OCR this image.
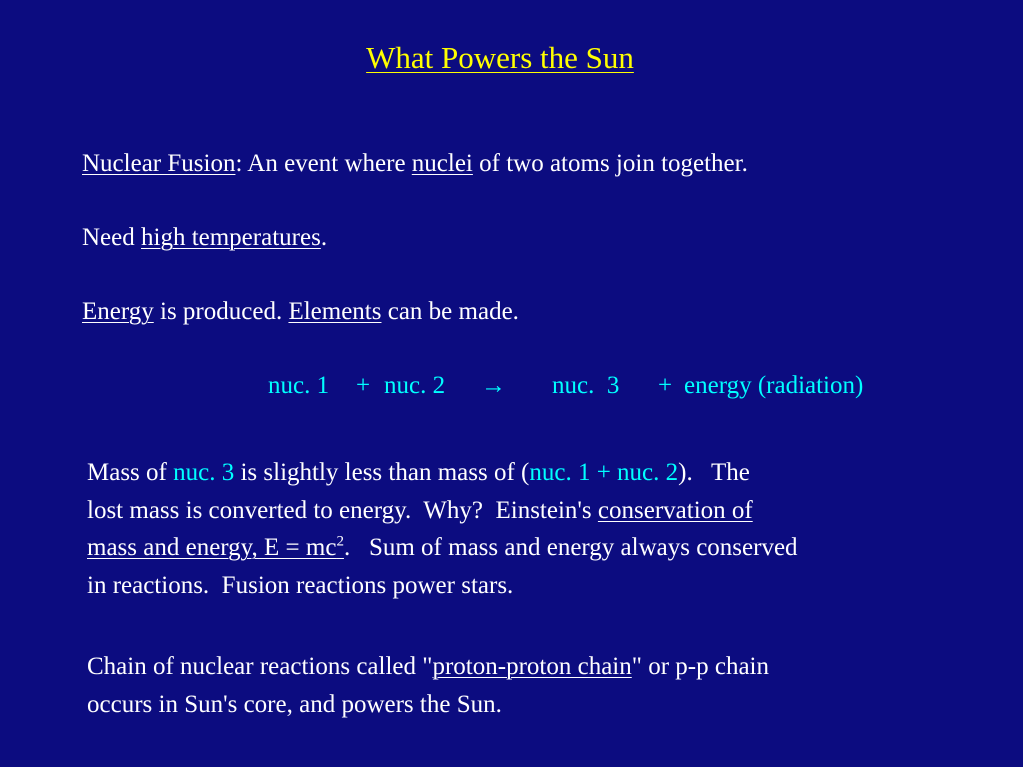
What Powers the Sun
Nuclear Fusion: An event where nuclei of two atoms join together.
Need high temperatures.
Energy is produced. Elements can be made.
nuc. 1 + nuc. 2 → nuc.  3 + energy (radiation)
Mass of nuc. 3 is slightly less than mass of (nuc. 1 + nuc. 2).   The
lost mass is converted to energy.  Why?  Einstein's conservation of
mass and energy, $E = mc^2$.   Sum of mass and energy always conserved
in reactions.  Fusion reactions power stars.
Chain of nuclear reactions called "proton-proton chain" or p-p chain
occurs in Sun's core, and powers the Sun.
